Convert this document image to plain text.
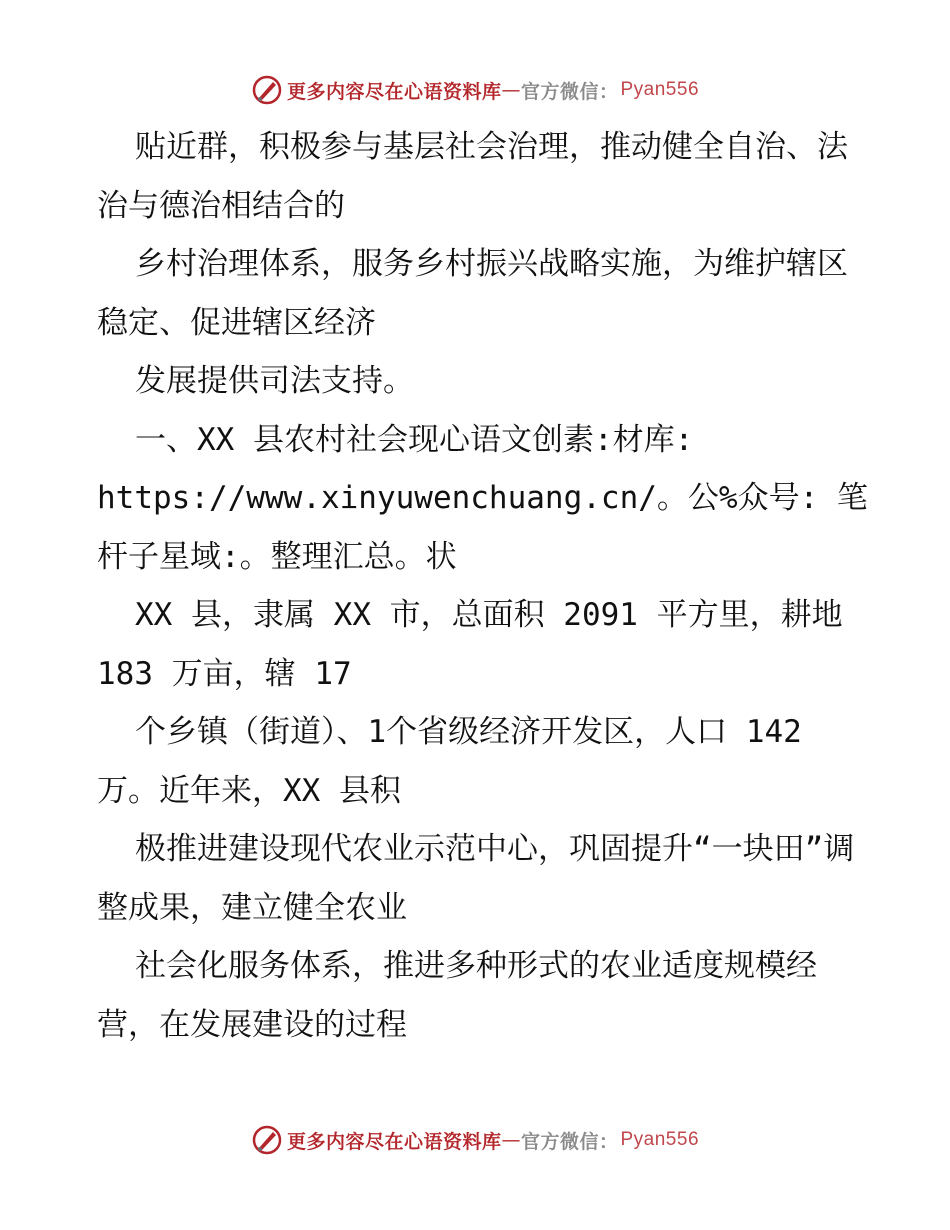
更多内容尽在心语资料库 — 官方微信： Pyan556

贴近群，积极参与基层社会治理，推动健全自治、法治与德治相结合的

乡村治理体系，服务乡村振兴战略实施，为维护辖区稳定、促进辖区经济

发展提供司法支持。

一、XX 县农村社会现心语文创素:材库: https://www.xinyuwenchuang.cn/。公%众号: 笔杆子星域:。整理汇总。状

XX 县，隶属 XX 市，总面积 2091 平方里，耕地 183 万亩，辖 17

个乡镇（街道）、1个省级经济开发区，人口 142 万。近年来，XX 县积

极推进建设现代农业示范中心，巩固提升“一块田”调整成果，建立健全农业

社会化服务体系，推进多种形式的农业适度规模经营，在发展建设的过程

更多内容尽在心语资料库 — 官方微信： Pyan556
